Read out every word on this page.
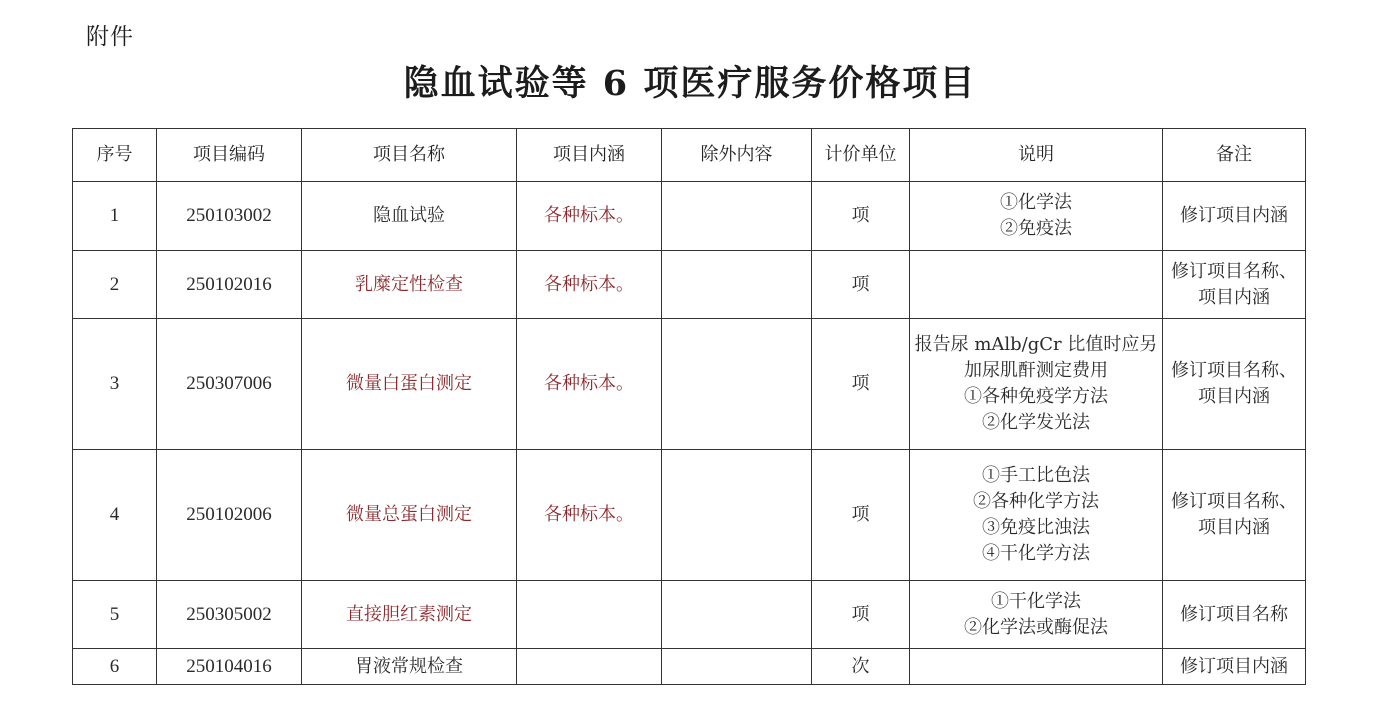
附件
隐血试验等 6 项医疗服务价格项目
序号	项目编码	项目名称	项目内涵	除外内容	计价单位	说明	备注
1	250103002	隐血试验	各种标本。		项	①化学法
②免疫法	修订项目内涵

2	250102016	乳糜定性检查	各种标本。		项		修订项目名称、
项目内涵

3	250307006	微量白蛋白测定	各种标本。		项	报告尿 mAlb/gCr 比值时应另
加尿肌酐测定费用
①各种免疫学方法
②化学发光法	修订项目名称、
项目内涵

4	250102006	微量总蛋白测定	各种标本。		项	①手工比色法
②各种化学方法
③免疫比浊法
④干化学方法	修订项目名称、
项目内涵

5	250305002	直接胆红素测定			项	①干化学法
②化学法或酶促法	修订项目名称

6	250104016	胃液常规检查			次		修订项目内涵
